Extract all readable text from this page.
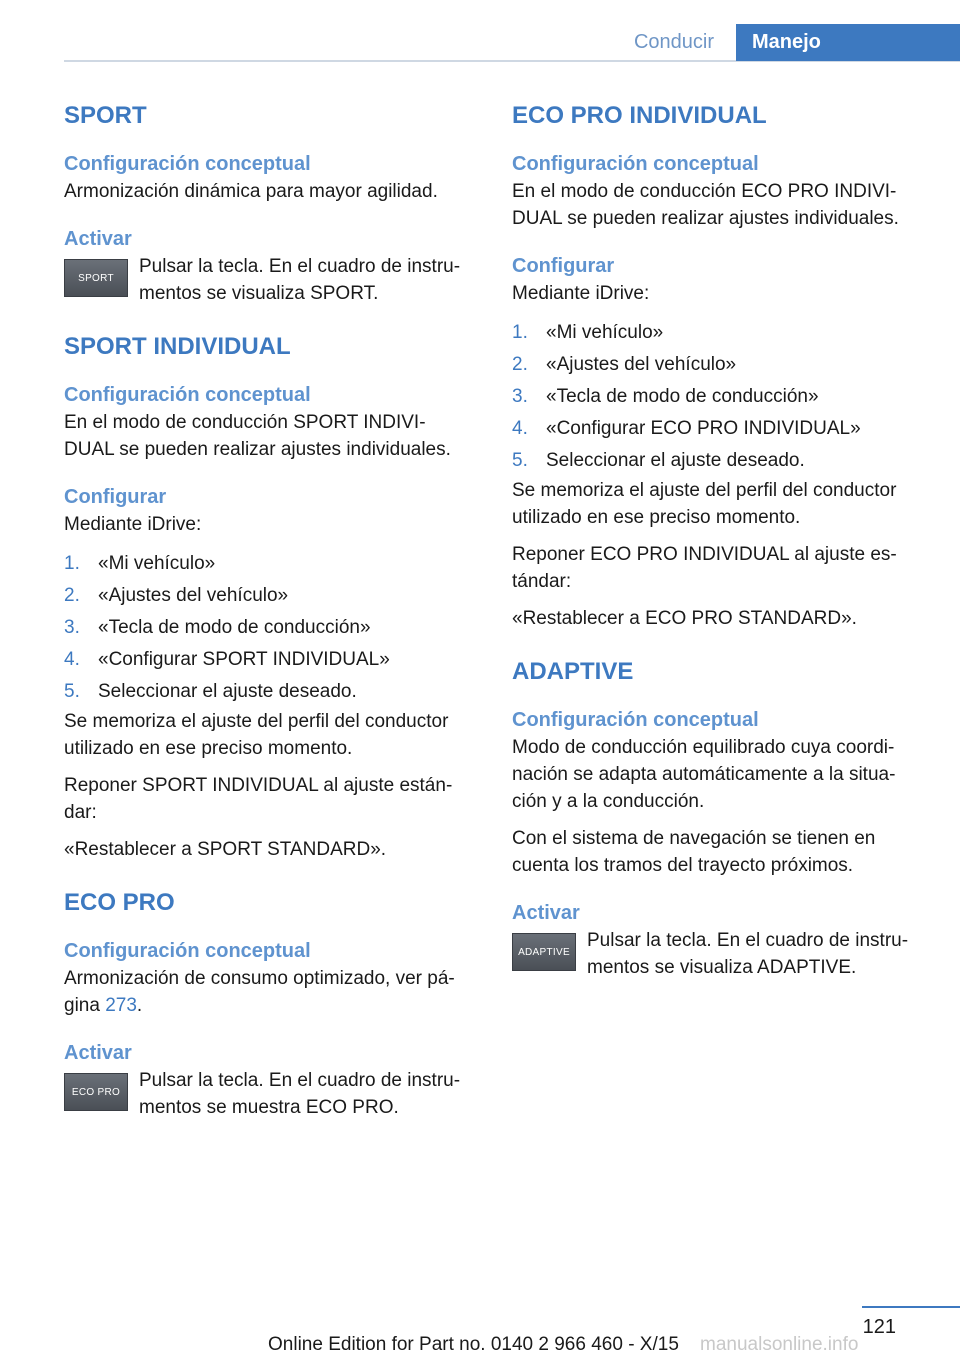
Conducir	Manejo
SPORT
Configuración conceptual

Armonización dinámica para mayor agilidad.

Activar
SPORT

Pulsar la tecla. En el cuadro de instru‐

mentos se visualiza SPORT.

SPORT INDIVIDUAL
Configuración conceptual

En el modo de conducción SPORT INDIVI‐

DUAL se pueden realizar ajustes individuales.

Configurar

Mediante iDrive:

1. «Mi vehículo»
2. «Ajustes del vehículo»
3. «Tecla de modo de conducción»
4. «Configurar SPORT INDIVIDUAL»
5. Seleccionar el ajuste deseado.

Se memoriza el ajuste del perfil del conductor

utilizado en ese preciso momento.

Reponer SPORT INDIVIDUAL al ajuste están‐

dar:

«Restablecer a SPORT STANDARD».

ECO PRO
Configuración conceptual

Armonización de consumo optimizado, ver pá‐

gina 273.

Activar
ECO PRO

Pulsar la tecla. En el cuadro de instru‐

mentos se muestra ECO PRO.

ECO PRO INDIVIDUAL
Configuración conceptual

En el modo de conducción ECO PRO INDIVI‐

DUAL se pueden realizar ajustes individuales.

Configurar

Mediante iDrive:

1. «Mi vehículo»
2. «Ajustes del vehículo»
3. «Tecla de modo de conducción»
4. «Configurar ECO PRO INDIVIDUAL»
5. Seleccionar el ajuste deseado.

Se memoriza el ajuste del perfil del conductor

utilizado en ese preciso momento.

Reponer ECO PRO INDIVIDUAL al ajuste es‐

tándar:

«Restablecer a ECO PRO STANDARD».

ADAPTIVE
Configuración conceptual

Modo de conducción equilibrado cuya coordi‐

nación se adapta automáticamente a la situa‐

ción y a la conducción.

Con el sistema de navegación se tienen en

cuenta los tramos del trayecto próximos.

Activar
ADAPTIVE

Pulsar la tecla. En el cuadro de instru‐

mentos se visualiza ADAPTIVE.

121
Online Edition for Part no. 0140 2 966 460 - X/15 manualsonline.info
